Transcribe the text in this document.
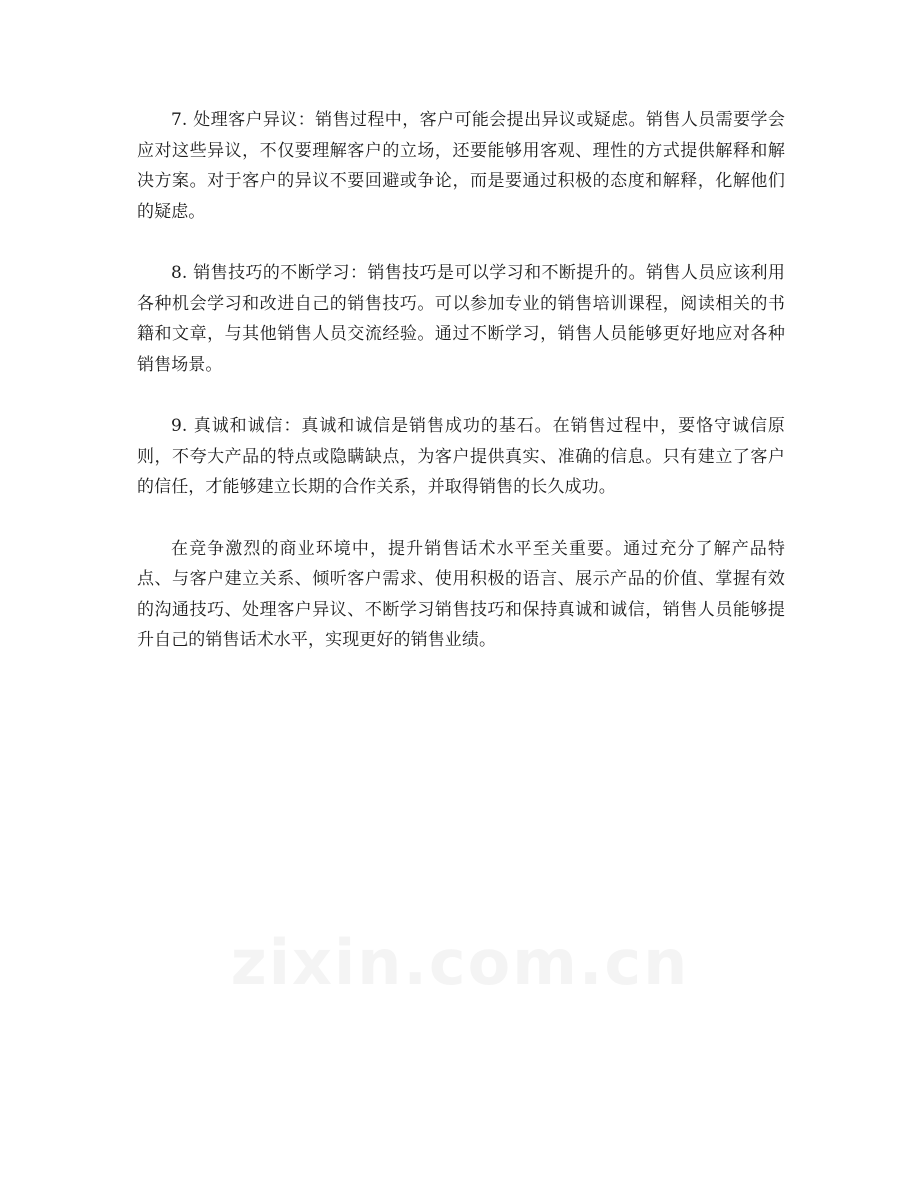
7. 处理客户异议：销售过程中，客户可能会提出异议或疑虑。销售人员需要学会应对这些异议，不仅要理解客户的立场，还要能够用客观、理性的方式提供解释和解决方案。对于客户的异议不要回避或争论，而是要通过积极的态度和解释，化解他们的疑虑。

8. 销售技巧的不断学习：销售技巧是可以学习和不断提升的。销售人员应该利用各种机会学习和改进自己的销售技巧。可以参加专业的销售培训课程，阅读相关的书籍和文章，与其他销售人员交流经验。通过不断学习，销售人员能够更好地应对各种销售场景。

9. 真诚和诚信：真诚和诚信是销售成功的基石。在销售过程中，要恪守诚信原则，不夸大产品的特点或隐瞒缺点，为客户提供真实、准确的信息。只有建立了客户的信任，才能够建立长期的合作关系，并取得销售的长久成功。

在竞争激烈的商业环境中，提升销售话术水平至关重要。通过充分了解产品特点、与客户建立关系、倾听客户需求、使用积极的语言、展示产品的价值、掌握有效的沟通技巧、处理客户异议、不断学习销售技巧和保持真诚和诚信，销售人员能够提升自己的销售话术水平，实现更好的销售业绩。

zixin.com.cn
